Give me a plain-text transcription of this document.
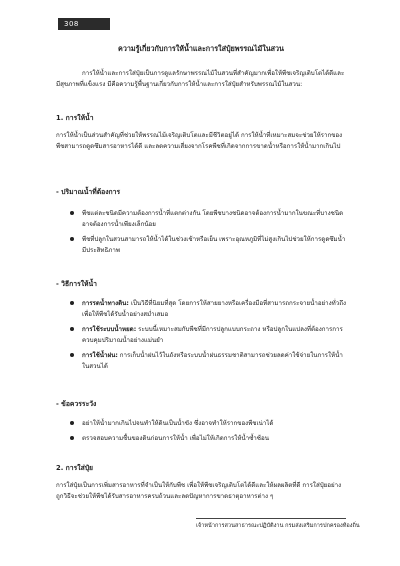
308
ความรู้เกี่ยวกับการให้น้ำและการใส่ปุ๋ยพรรณไม้ในสวน
การให้น้ำและการใส่ปุ๋ยเป็นการดูแลรักษาพรรณไม้ในสวนที่สำคัญมากเพื่อให้พืชเจริญเติบโตได้ดีและมีสุขภาพที่แข็งแรง มีคือความรู้พื้นฐานเกี่ยวกับการให้น้ำและการใส่ปุ๋ยสำหรับพรรณไม้ในสวน:
1. การให้น้ำ
การให้น้ำเป็นส่วนสำคัญที่ช่วยให้พรรณไม้เจริญเติบโตและมีชีวิตอยู่ได้ การให้น้ำที่เหมาะสมจะช่วยให้รากของพืชสามารถดูดซึมสารอาหารได้ดี และลดความเสี่ยงจากโรคพืชที่เกิดจากการขาดน้ำหรือการให้น้ำมากเกินไป
- ปริมาณน้ำที่ต้องการ
พืชแต่ละชนิดมีความต้องการน้ำที่แตกต่างกัน โดยพืชบางชนิดอาจต้องการน้ำมากในขณะที่บางชนิดอาจต้องการน้ำเพียงเล็กน้อย
พืชที่ปลูกในสวนสามารถให้น้ำได้ในช่วงเช้าหรือเย็น เพราะอุณหภูมิที่ไม่สูงเกินไปช่วยให้การดูดซึมน้ำมีประสิทธิภาพ
- วิธีการให้น้ำ
การรดน้ำทางดิน: เป็นวิธีที่นิยมที่สุด โดยการให้สายยางหรือเครื่องมือที่สามารถกระจายน้ำอย่างทั่วถึงเพื่อให้พืชได้รับน้ำอย่างสม่ำเสมอ
การใช้ระบบน้ำหยด: ระบบนี้เหมาะสมกับพืชที่มีการปลูกแบบกระถาง หรือปลูกในแปลงที่ต้องการการควบคุมปริมาณน้ำอย่างแม่นยำ
การใช้น้ำฝน: การเก็บน้ำฝนไว้ในถังหรือระบบน้ำฝนธรรมชาติสามารถช่วยลดค่าใช้จ่ายในการให้น้ำในสวนได้
- ข้อควรระวัง
อย่าให้น้ำมากเกินไปจนทำให้ดินเป็นน้ำขัง ซึ่งอาจทำให้รากของพืชเน่าได้
ตรวจสอบความชื้นของดินก่อนการให้น้ำ เพื่อไม่ให้เกิดการให้น้ำซ้ำซ้อน
2. การใส่ปุ๋ย
การใส่ปุ๋ยเป็นการเพิ่มสารอาหารที่จำเป็นให้กับพืช เพื่อให้พืชเจริญเติบโตได้ดีและให้ผลผลิตที่ดี การใส่ปุ๋ยอย่างถูกวิธีจะช่วยให้พืชได้รับสารอาหารครบถ้วนและลดปัญหาการขาดธาตุอาหารต่าง ๆ
เจ้าหน้าการสวนสาธารณะปฏิบัติงาน กรมส่งเสริมการปกครองท้องถิ่น
